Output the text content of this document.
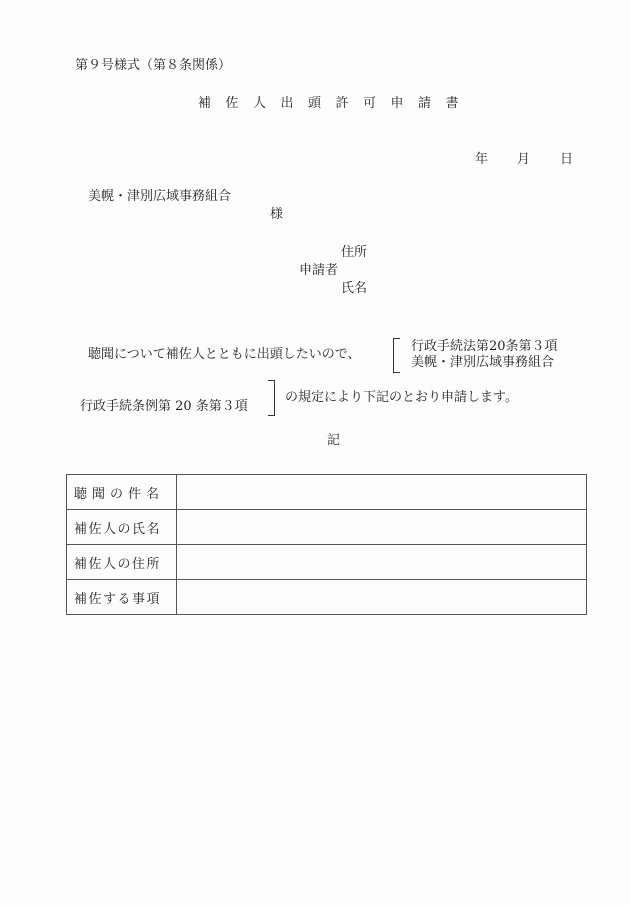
第９号様式（第８条関係）
補佐人出頭許可申請書
年 月 日
美幌・津別広域事務組合
様
住所
申請者
氏名
聴聞について補佐人とともに出頭したいので、
行政手続法第20条第３項
美幌・津別広域事務組合
行政手続条例第 20 条第３項
の規定により下記のとおり申請します。
記
聴聞の件名	
補佐人の氏名	
補佐人の住所	
補佐する事項	
